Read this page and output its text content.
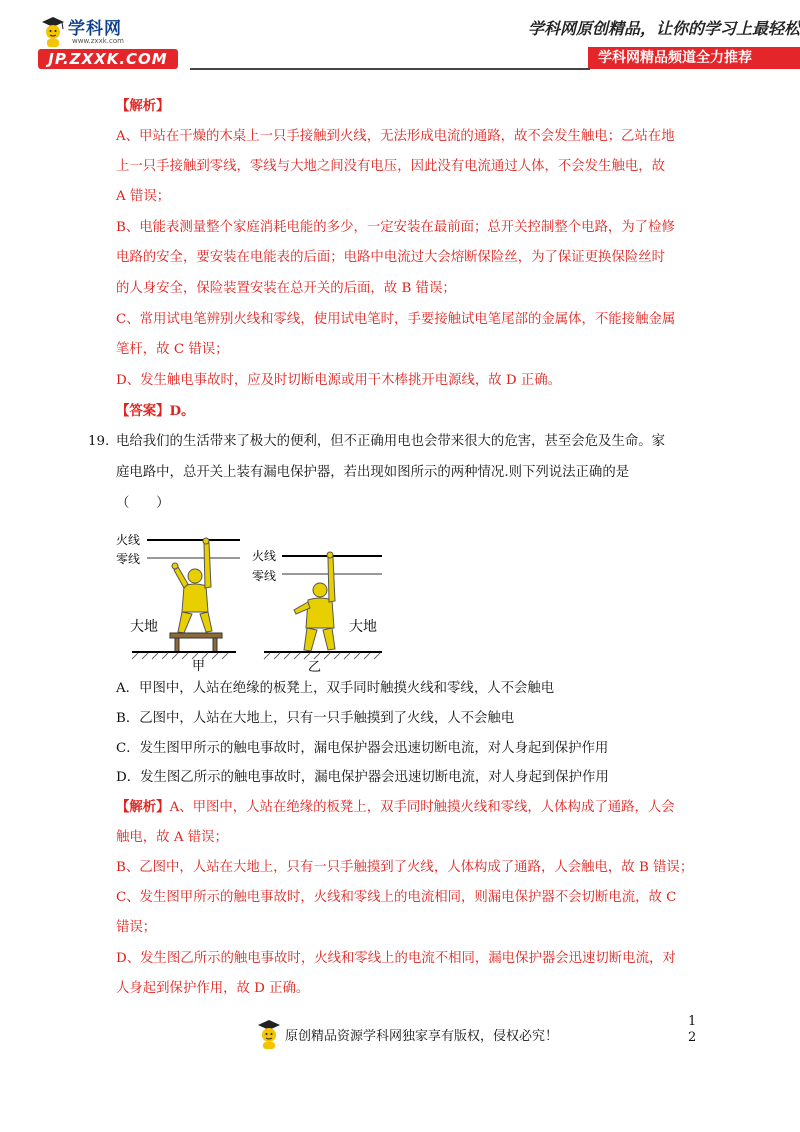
学科网
www.zxxk.com
JP.ZXXK.COM
学科网原创精品，让你的学习上最轻松
学科网精品频道全力推荐
【解析】
A、甲站在干燥的木桌上一只手接触到火线，无法形成电流的通路，故不会发生触电；乙站在地
上一只手接触到零线，零线与大地之间没有电压，因此没有电流通过人体，不会发生触电，故
A 错误；
B、电能表测量整个家庭消耗电能的多少，一定安装在最前面；总开关控制整个电路，为了检修
电路的安全，要安装在电能表的后面；电路中电流过大会熔断保险丝，为了保证更换保险丝时
的人身安全，保险装置安装在总开关的后面，故 B 错误；
C、常用试电笔辨别火线和零线，使用试电笔时，手要接触试电笔尾部的金属体，不能接触金属
笔杆，故 C 错误；
D、发生触电事故时，应及时切断电源或用干木棒挑开电源线，故 D 正确。
【答案】D。
19. 电给我们的生活带来了极大的便利，但不正确用电也会带来很大的危害，甚至会危及生命。家
庭电路中，总开关上装有漏电保护器，若出现如图所示的两种情况.则下列说法正确的是
（　　）
火线
零线
大地
甲
火线
零线
大地
乙
A．甲图中，人站在绝缘的板凳上，双手同时触摸火线和零线，人不会触电
B．乙图中，人站在大地上，只有一只手触摸到了火线，人不会触电
C．发生图甲所示的触电事故时，漏电保护器会迅速切断电流，对人身起到保护作用
D．发生图乙所示的触电事故时，漏电保护器会迅速切断电流，对人身起到保护作用
【解析】A、甲图中，人站在绝缘的板凳上，双手同时触摸火线和零线，人体构成了通路，人会
触电，故 A 错误；
B、乙图中，人站在大地上，只有一只手触摸到了火线，人体构成了通路，人会触电，故 B 错误；
C、发生图甲所示的触电事故时，火线和零线上的电流相同，则漏电保护器不会切断电流，故 C
错误；
D、发生图乙所示的触电事故时，火线和零线上的电流不相同，漏电保护器会迅速切断电流，对
人身起到保护作用，故 D 正确。
原创精品资源学科网独家享有版权，侵权必究！
1
2
